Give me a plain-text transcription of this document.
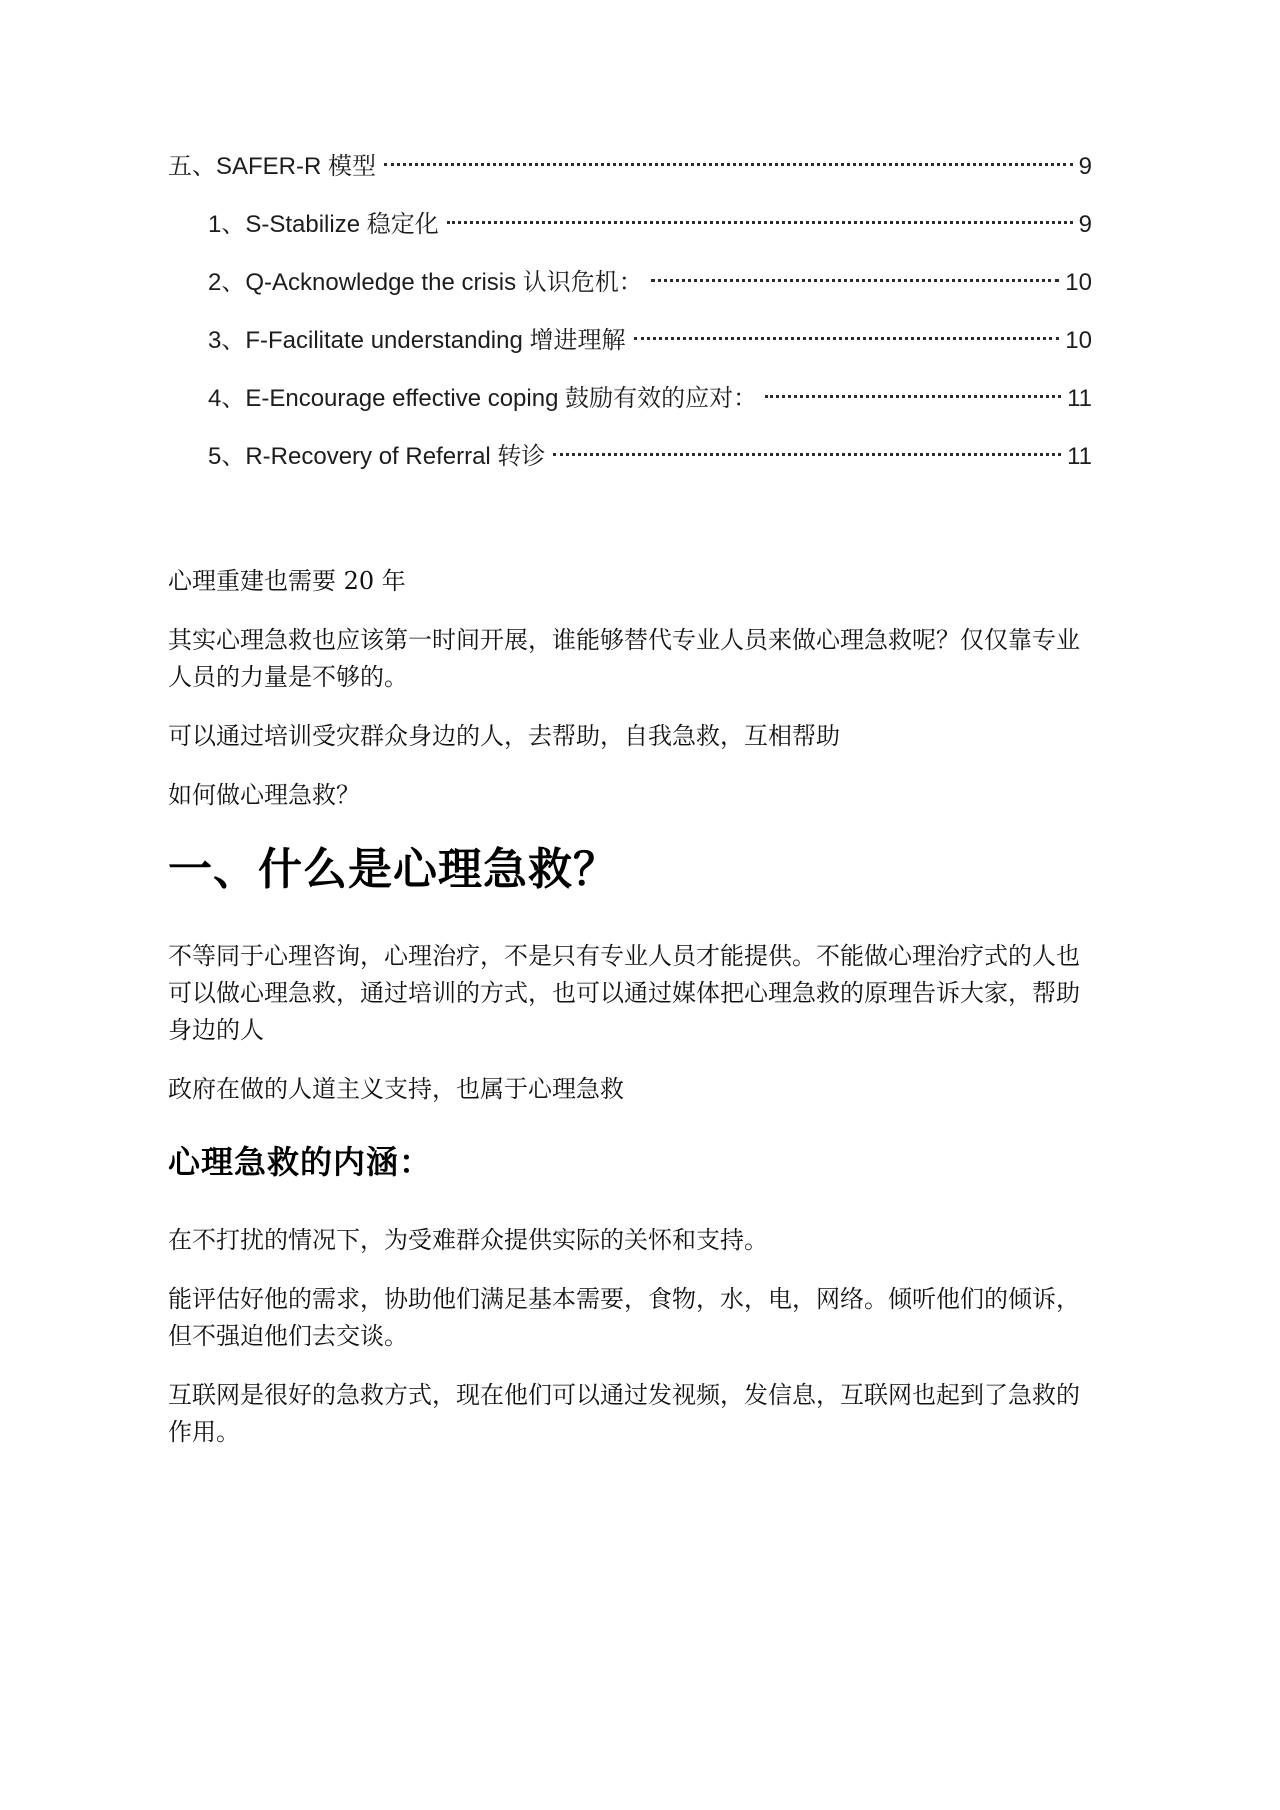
五、SAFER-R 模型	9
1、S-Stabilize 稳定化	9
2、Q-Acknowledge the crisis 认识危机：	10
3、F-Facilitate understanding 增进理解	10
4、E-Encourage effective coping 鼓励有效的应对：	11
5、R-Recovery of Referral 转诊	11

心理重建也需要 20 年

其实心理急救也应该第一时间开展，谁能够替代专业人员来做心理急救呢？仅仅靠专业人员的力量是不够的。

可以通过培训受灾群众身边的人，去帮助，自我急救，互相帮助

如何做心理急救？

一、什么是心理急救？

不等同于心理咨询，心理治疗，不是只有专业人员才能提供。不能做心理治疗式的人也可以做心理急救，通过培训的方式，也可以通过媒体把心理急救的原理告诉大家，帮助身边的人

政府在做的人道主义支持，也属于心理急救

心理急救的内涵：

在不打扰的情况下，为受难群众提供实际的关怀和支持。

能评估好他的需求，协助他们满足基本需要，食物，水，电，网络。倾听他们的倾诉，但不强迫他们去交谈。

互联网是很好的急救方式，现在他们可以通过发视频，发信息，互联网也起到了急救的作用。
